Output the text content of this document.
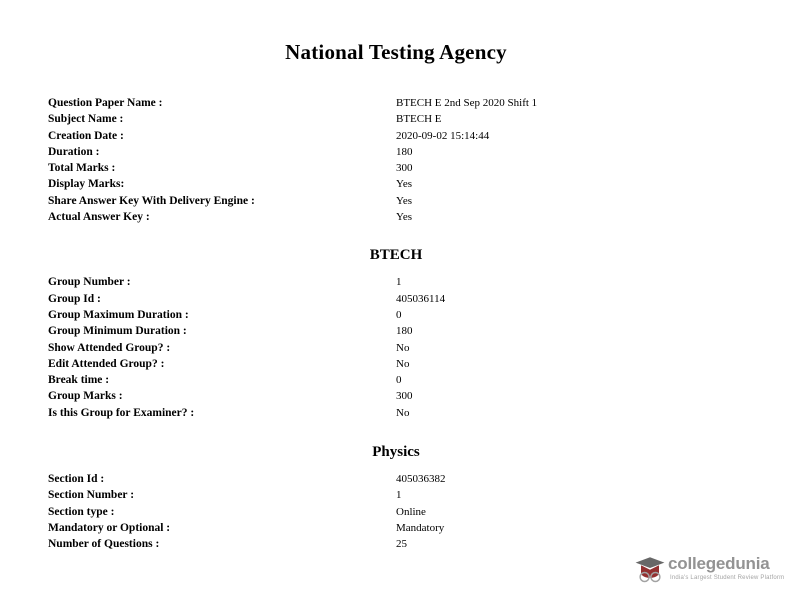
National Testing Agency
Question Paper Name :	BTECH E 2nd Sep 2020 Shift 1
Subject Name :	BTECH E
Creation Date :	2020-09-02 15:14:44
Duration :	180
Total Marks :	300
Display Marks:	Yes
Share Answer Key With Delivery Engine :	Yes
Actual Answer Key :	Yes
BTECH
Group Number :	1
Group Id :	405036114
Group Maximum Duration :	0
Group Minimum Duration :	180
Show Attended Group? :	No
Edit Attended Group? :	No
Break time :	0
Group Marks :	300
Is this Group for Examiner? :	No
Physics
Section Id :	405036382
Section Number :	1
Section type :	Online
Mandatory or Optional :	Mandatory
Number of Questions :	25
collegedunia
India's Largest Student Review Platform
